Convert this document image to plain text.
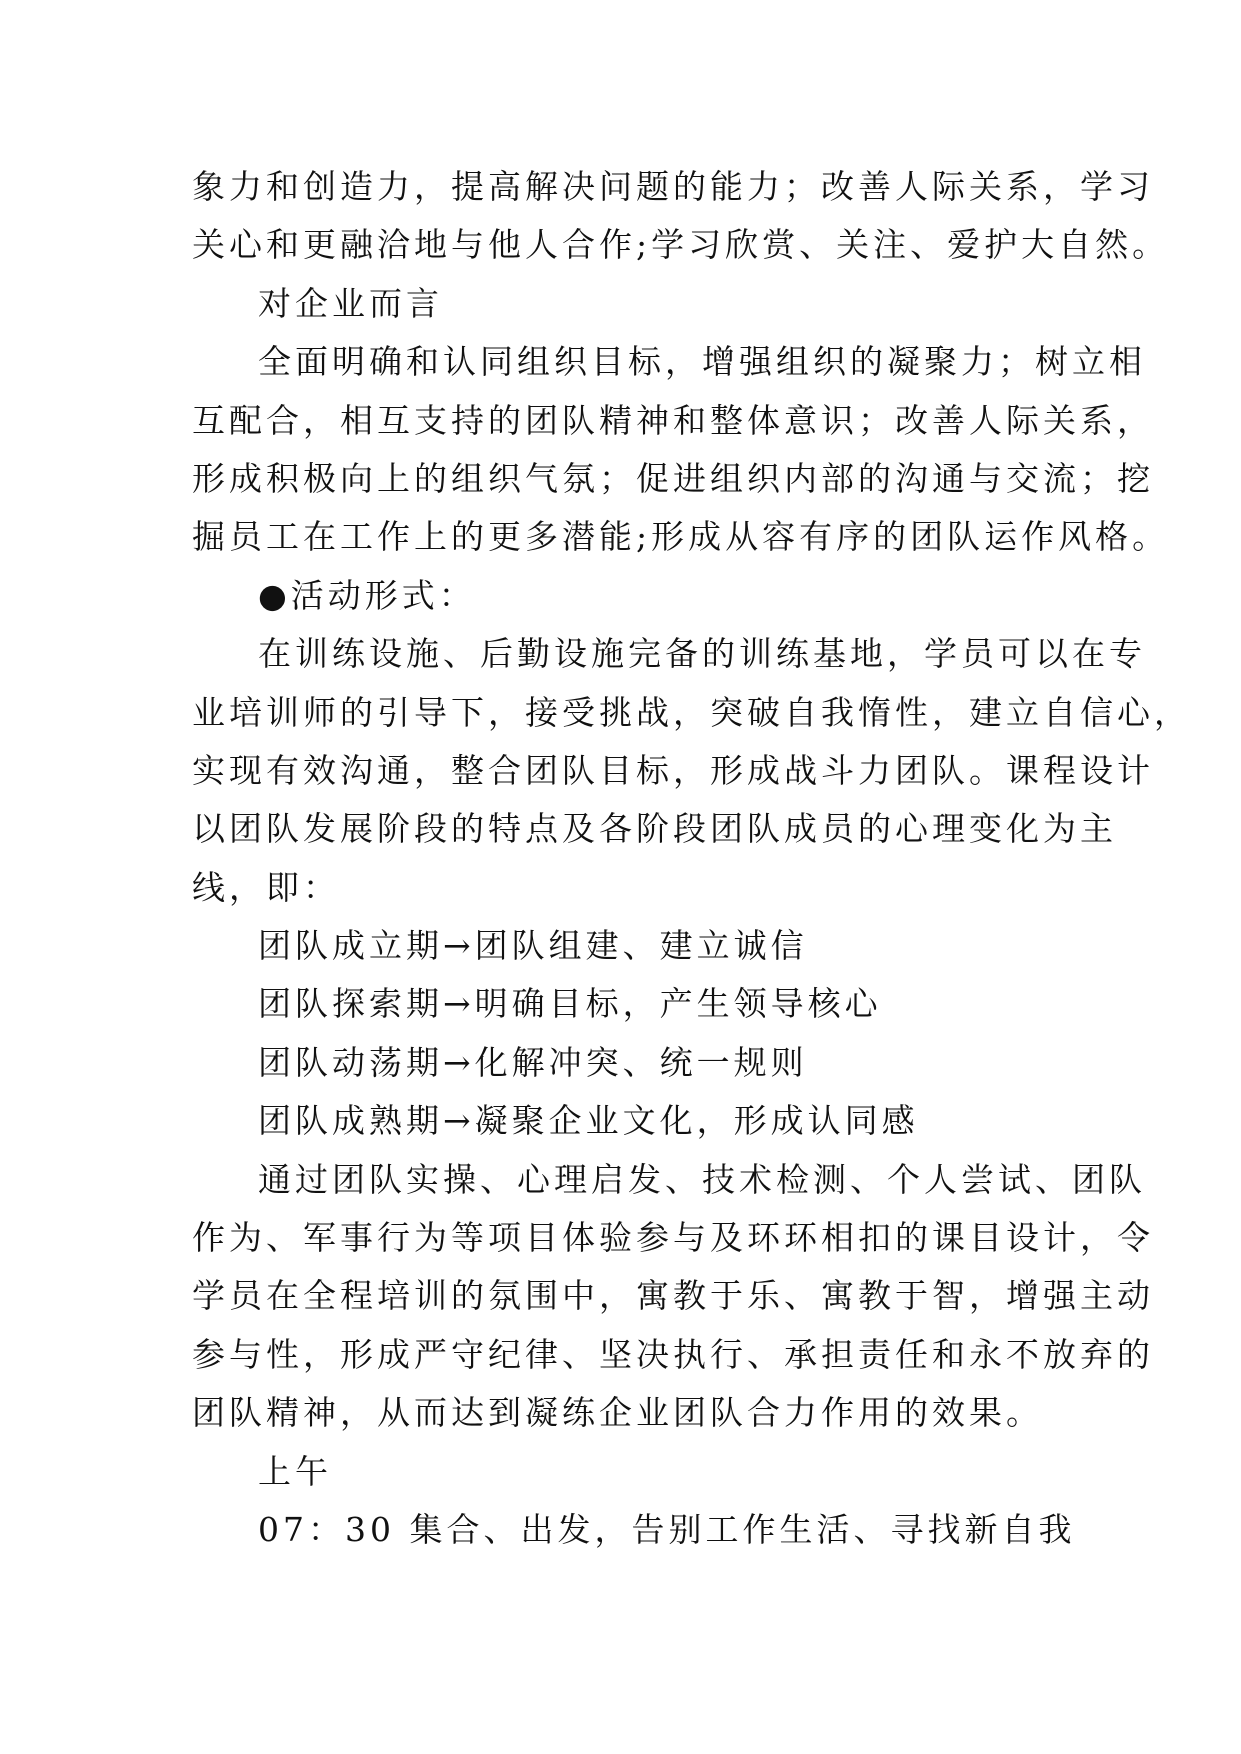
象力和创造力，提高解决问题的能力；改善人际关系，学习
关心和更融洽地与他人合作;学习欣赏、关注、爱护大自然。
对企业而言
全面明确和认同组织目标，增强组织的凝聚力；树立相
互配合，相互支持的团队精神和整体意识；改善人际关系，
形成积极向上的组织气氛；促进组织内部的沟通与交流；挖
掘员工在工作上的更多潜能;形成从容有序的团队运作风格。
●活动形式：
在训练设施、后勤设施完备的训练基地，学员可以在专
业培训师的引导下，接受挑战，突破自我惰性，建立自信心，
实现有效沟通，整合团队目标，形成战斗力团队。课程设计
以团队发展阶段的特点及各阶段团队成员的心理变化为主
线，即：
团队成立期→团队组建、建立诚信
团队探索期→明确目标，产生领导核心
团队动荡期→化解冲突、统一规则
团队成熟期→凝聚企业文化，形成认同感
通过团队实操、心理启发、技术检测、个人尝试、团队
作为、军事行为等项目体验参与及环环相扣的课目设计，令
学员在全程培训的氛围中，寓教于乐、寓教于智，增强主动
参与性，形成严守纪律、坚决执行、承担责任和永不放弃的
团队精神，从而达到凝练企业团队合力作用的效果。
上午
07：30 集合、出发，告别工作生活、寻找新自我
